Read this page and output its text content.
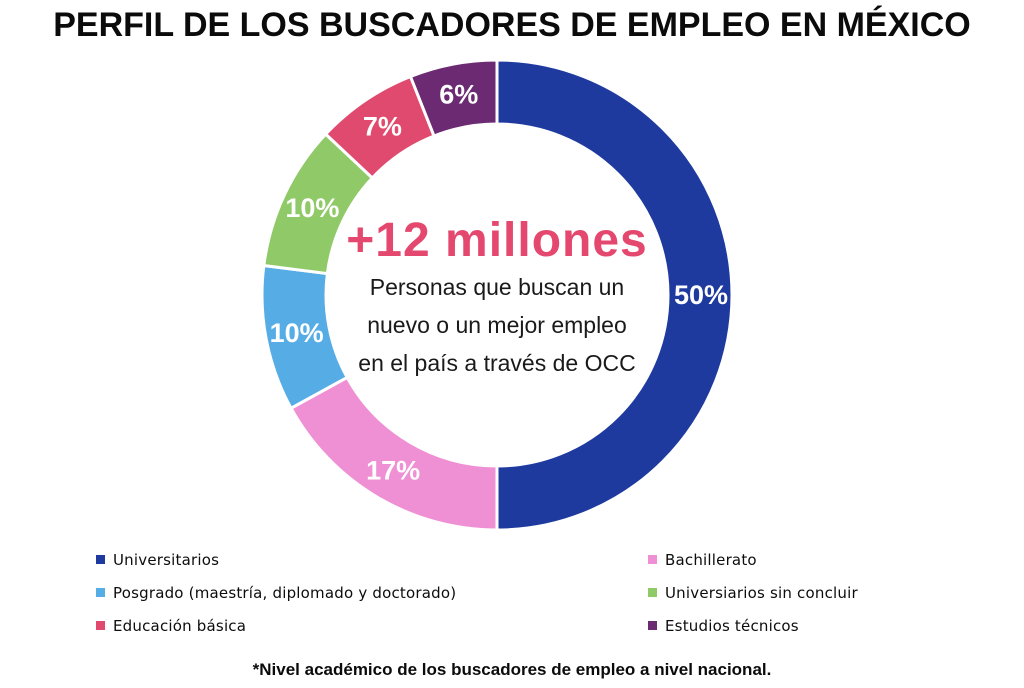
PERFIL DE LOS BUSCADORES DE EMPLEO EN MÉXICO
50%
17%
10%
10%
7%
6%
+12 millones
Personas que buscan un
nuevo o un mejor empleo
en el país a través de OCC
Universitarios
Posgrado (maestría, diplomado y doctorado)
Educación básica
Bachillerato
Universiarios sin concluir
Estudios técnicos
*Nivel académico de los buscadores de empleo a nivel nacional.
